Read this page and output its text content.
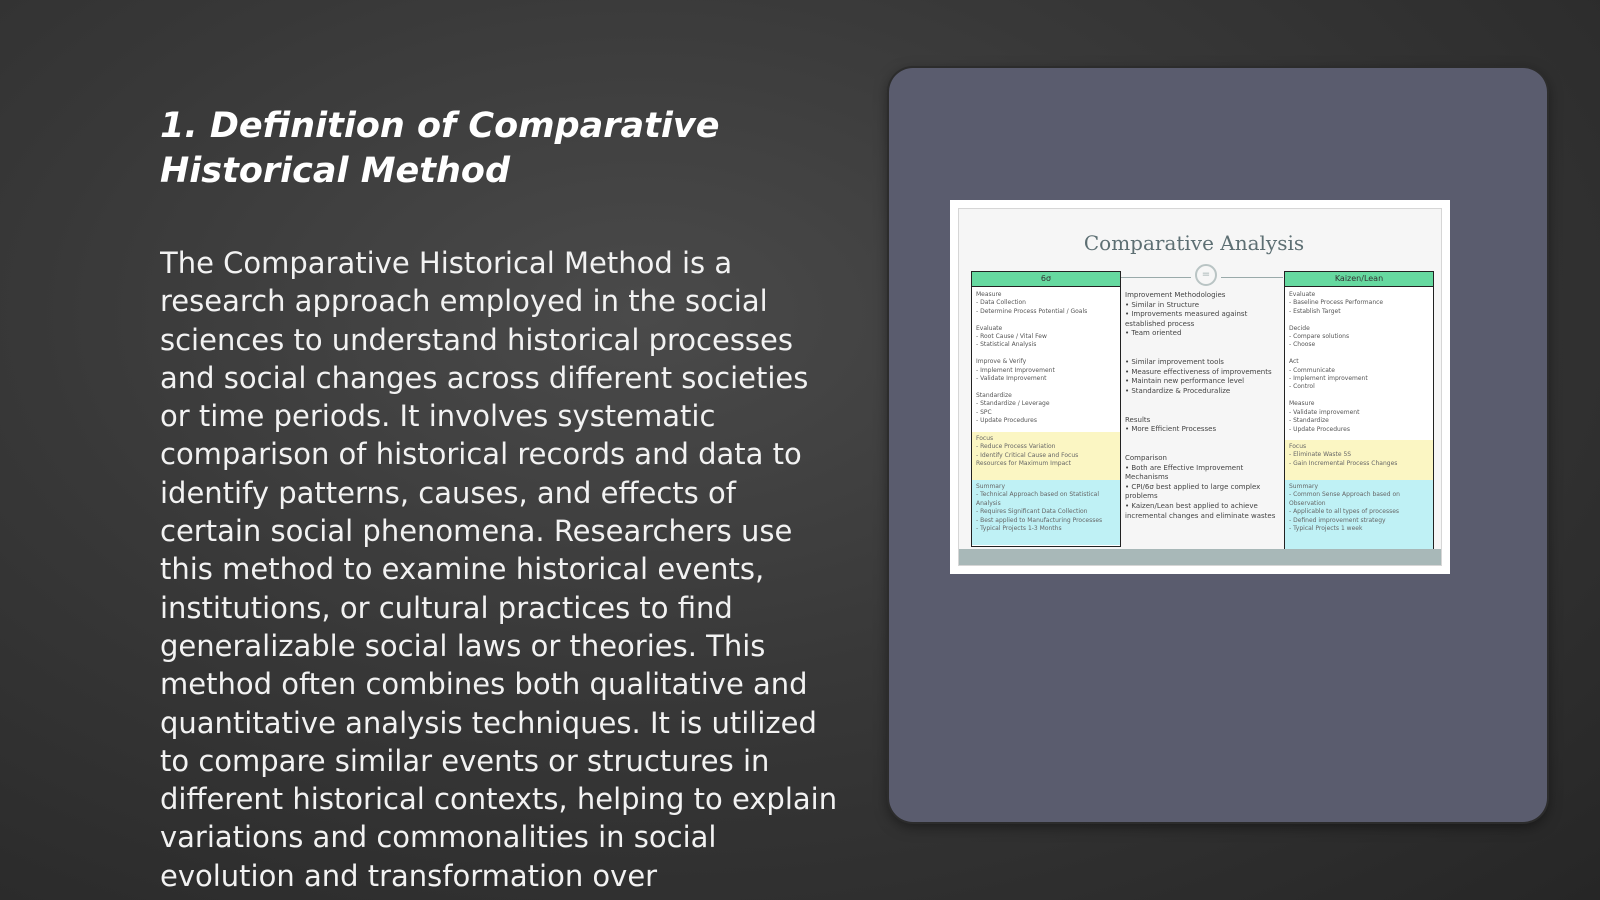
1. Definition of Comparative Historical Method

The Comparative Historical Method is a research approach employed in the social sciences to understand historical processes and social changes across different societies or time periods. It involves systematic comparison of historical records and data to identify patterns, causes, and effects of certain social phenomena. Researchers use this method to examine historical events, institutions, or cultural practices to find generalizable social laws or theories. This method often combines both qualitative and quantitative analysis techniques. It is utilized to compare similar events or structures in different historical contexts, helping to explain variations and commonalities in social evolution and transformation over

Comparative Analysis
=
6σ
Measure
- Data Collection
- Determine Process Potential / Goals

Evaluate
- Root Cause / Vital Few
- Statistical Analysis

Improve & Verify
- Implement Improvement
- Validate Improvement

Standardize
- Standardize / Leverage
- SPC
- Update Procedures
Focus
- Reduce Process Variation
- Identify Critical Cause and Focus
Resources for Maximum Impact
Summary
- Technical Approach based on Statistical
Analysis
- Requires Significant Data Collection
- Best applied to Manufacturing Processes
- Typical Projects 1-3 Months
Improvement Methodologies
• Similar in Structure
• Improvements measured against
established process
• Team oriented

• Similar improvement tools
• Measure effectiveness of improvements
• Maintain new performance level
• Standardize & Proceduralize

Results
• More Efficient Processes

Comparison
• Both are Effective Improvement
Mechanisms
• CPI/6σ best applied to large complex
problems
• Kaizen/Lean best applied to achieve
incremental changes and eliminate wastes
Kaizen/Lean
Evaluate
- Baseline Process Performance
- Establish Target

Decide
- Compare solutions
- Choose

Act
- Communicate
- Implement improvement
- Control

Measure
- Validate improvement
- Standardize
- Update Procedures
Focus
- Eliminate Waste 5S
- Gain Incremental Process Changes
Summary
- Common Sense Approach based on
Observation
- Applicable to all types of processes
- Defined improvement strategy
- Typical Projects 1 week
